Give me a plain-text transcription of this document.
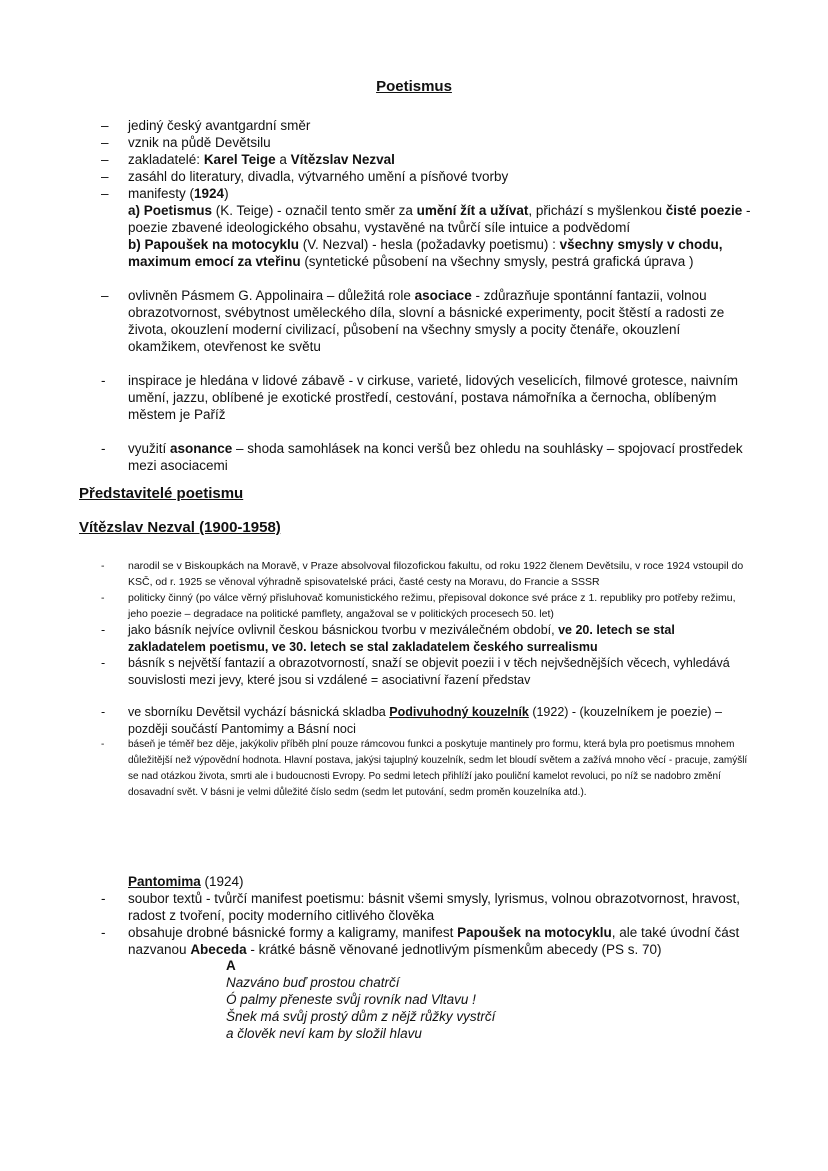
Poetismus
– jediný český avantgardní směr
– vznik na půdě Devětsilu
– zakladatelé: Karel Teige a Vítězslav Nezval
– zasáhl do literatury, divadla, výtvarného umění a písňové tvorby
– manifesty (1924)
a) Poetismus (K. Teige) - označil tento směr za umění žít a užívat, přichází s myšlenkou čisté poezie - poezie zbavené ideologického obsahu, vystavěné na tvůrčí síle intuice a podvědomí
b) Papoušek na motocyklu (V. Nezval) - hesla (požadavky poetismu) : všechny smysly v chodu, maximum emocí za vteřinu (syntetické působení na všechny smysly, pestrá grafická úprava )
– ovlivněn Pásmem G. Appolinaira – důležitá role asociace - zdůrazňuje spontánní fantazii, volnou obrazotvornost, svébytnost uměleckého díla, slovní a básnické experimenty, pocit štěstí a radosti ze života, okouzlení moderní civilizací, působení na všechny smysly a pocity čtenáře, okouzlení okamžikem, otevřenost ke světu
- inspirace je hledána v lidové zábavě - v cirkuse, varieté, lidových veselicích, filmové grotesce, naivním umění, jazzu, oblíbené je exotické prostředí, cestování, postava námořníka a černocha, oblíbeným městem je Paříž
- využití asonance – shoda samohlásek na konci veršů bez ohledu na souhlásky – spojovací prostředek mezi asociacemi
Představitelé poetismu
Vítězslav Nezval (1900-1958)
- narodil se v Biskoupkách na Moravě, v Praze absolvoval filozofickou fakultu, od roku 1922 členem Devětsilu, v roce 1924 vstoupil do KSČ, od r. 1925 se věnoval výhradně spisovatelské práci, časté cesty na Moravu, do Francie a SSSR
- politicky činný (po válce věrný přisluhovač komunistického režimu, přepisoval dokonce své práce z 1. republiky pro potřeby režimu, jeho poezie – degradace na politické pamflety, angažoval se v politických procesech 50. let)
- jako básník nejvíce ovlivnil českou básnickou tvorbu v meziválečném období, ve 20. letech se stal zakladatelem poetismu, ve 30. letech se stal zakladatelem českého surrealismu
- básník s největší fantazií a obrazotvorností, snaží se objevit poezii i v těch nejvšednějších věcech, vyhledává souvislosti mezi jevy, které jsou si vzdálené = asociativní řazení představ
- ve sborníku Devětsil vychází básnická skladba Podivuhodný kouzelník (1922) - (kouzelníkem je poezie) – později součástí Pantomimy a Básní noci
- báseň je téměř bez děje, jakýkoliv příběh plní pouze rámcovou funkci a poskytuje mantinely pro formu, která byla pro poetismus mnohem důležitější než výpovědní hodnota. Hlavní postava, jakýsi tajuplný kouzelník, sedm let bloudí světem a zažívá mnoho věcí - pracuje, zamýšlí se nad otázkou života, smrti ale i budoucnosti Evropy. Po sedmi letech přihlíží jako pouliční kamelot revoluci, po níž se nadobro změní dosavadní svět. V básni je velmi důležité číslo sedm (sedm let putování, sedm proměn kouzelníka atd.).
Pantomima (1924)
- soubor textů - tvůrčí manifest poetismu: básnit všemi smysly, lyrismus, volnou obrazotvornost, hravost, radost z tvoření, pocity moderního citlivého člověka
- obsahuje drobné básnické formy a kaligramy, manifest Papoušek na motocyklu, ale také úvodní část nazvanou Abeceda - krátké básně věnované jednotlivým písmenkům abecedy (PS s. 70)
A
Nazváno buď prostou chatrčí
Ó palmy přeneste svůj rovník nad Vltavu !
Šnek má svůj prostý dům z nějž růžky vystrčí
a člověk neví kam by složil hlavu
